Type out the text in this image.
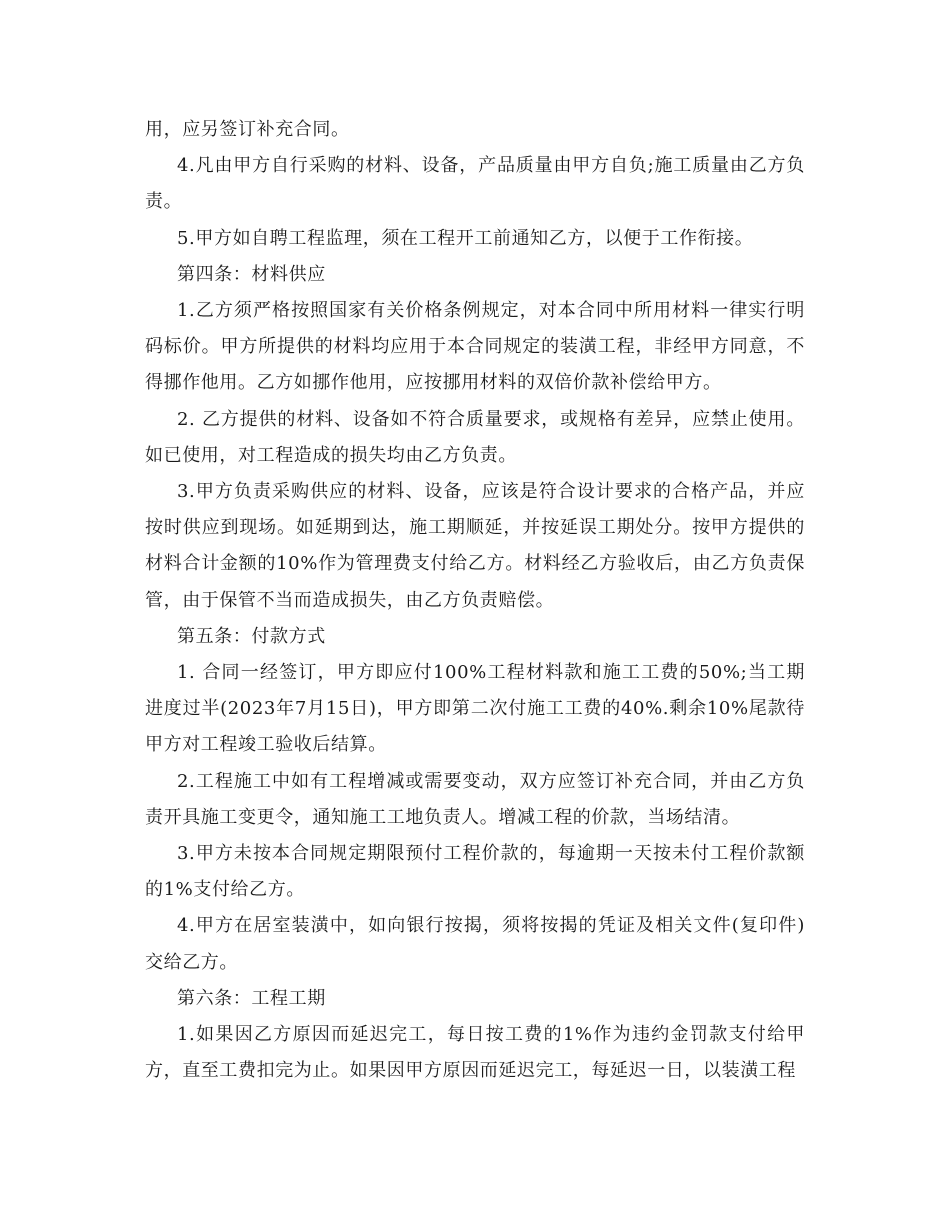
用，应另签订补充合同。

4.凡由甲方自行采购的材料、设备，产品质量由甲方自负;施工质量由乙方负责。

5.甲方如自聘工程监理，须在工程开工前通知乙方，以便于工作衔接。

第四条：材料供应

1.乙方须严格按照国家有关价格条例规定，对本合同中所用材料一律实行明码标价。甲方所提供的材料均应用于本合同规定的装潢工程，非经甲方同意，不得挪作他用。乙方如挪作他用，应按挪用材料的双倍价款补偿给甲方。

2. 乙方提供的材料、设备如不符合质量要求，或规格有差异，应禁止使用。如已使用，对工程造成的损失均由乙方负责。

3.甲方负责采购供应的材料、设备，应该是符合设计要求的合格产品，并应按时供应到现场。如延期到达，施工期顺延，并按延误工期处分。按甲方提供的材料合计金额的10%作为管理费支付给乙方。材料经乙方验收后，由乙方负责保管，由于保管不当而造成损失，由乙方负责赔偿。

第五条：付款方式

1. 合同一经签订，甲方即应付100%工程材料款和施工工费的50%;当工期进度过半(2023年7月15日)，甲方即第二次付施工工费的40%.剩余10%尾款待甲方对工程竣工验收后结算。

2.工程施工中如有工程增减或需要变动，双方应签订补充合同，并由乙方负责开具施工变更令，通知施工工地负责人。增减工程的价款，当场结清。

3.甲方未按本合同规定期限预付工程价款的，每逾期一天按未付工程价款额的1%支付给乙方。

4.甲方在居室装潢中，如向银行按揭，须将按揭的凭证及相关文件(复印件)交给乙方。

第六条：工程工期

1.如果因乙方原因而延迟完工，每日按工费的1%作为违约金罚款支付给甲方，直至工费扣完为止。如果因甲方原因而延迟完工，每延迟一日，以装潢工程
